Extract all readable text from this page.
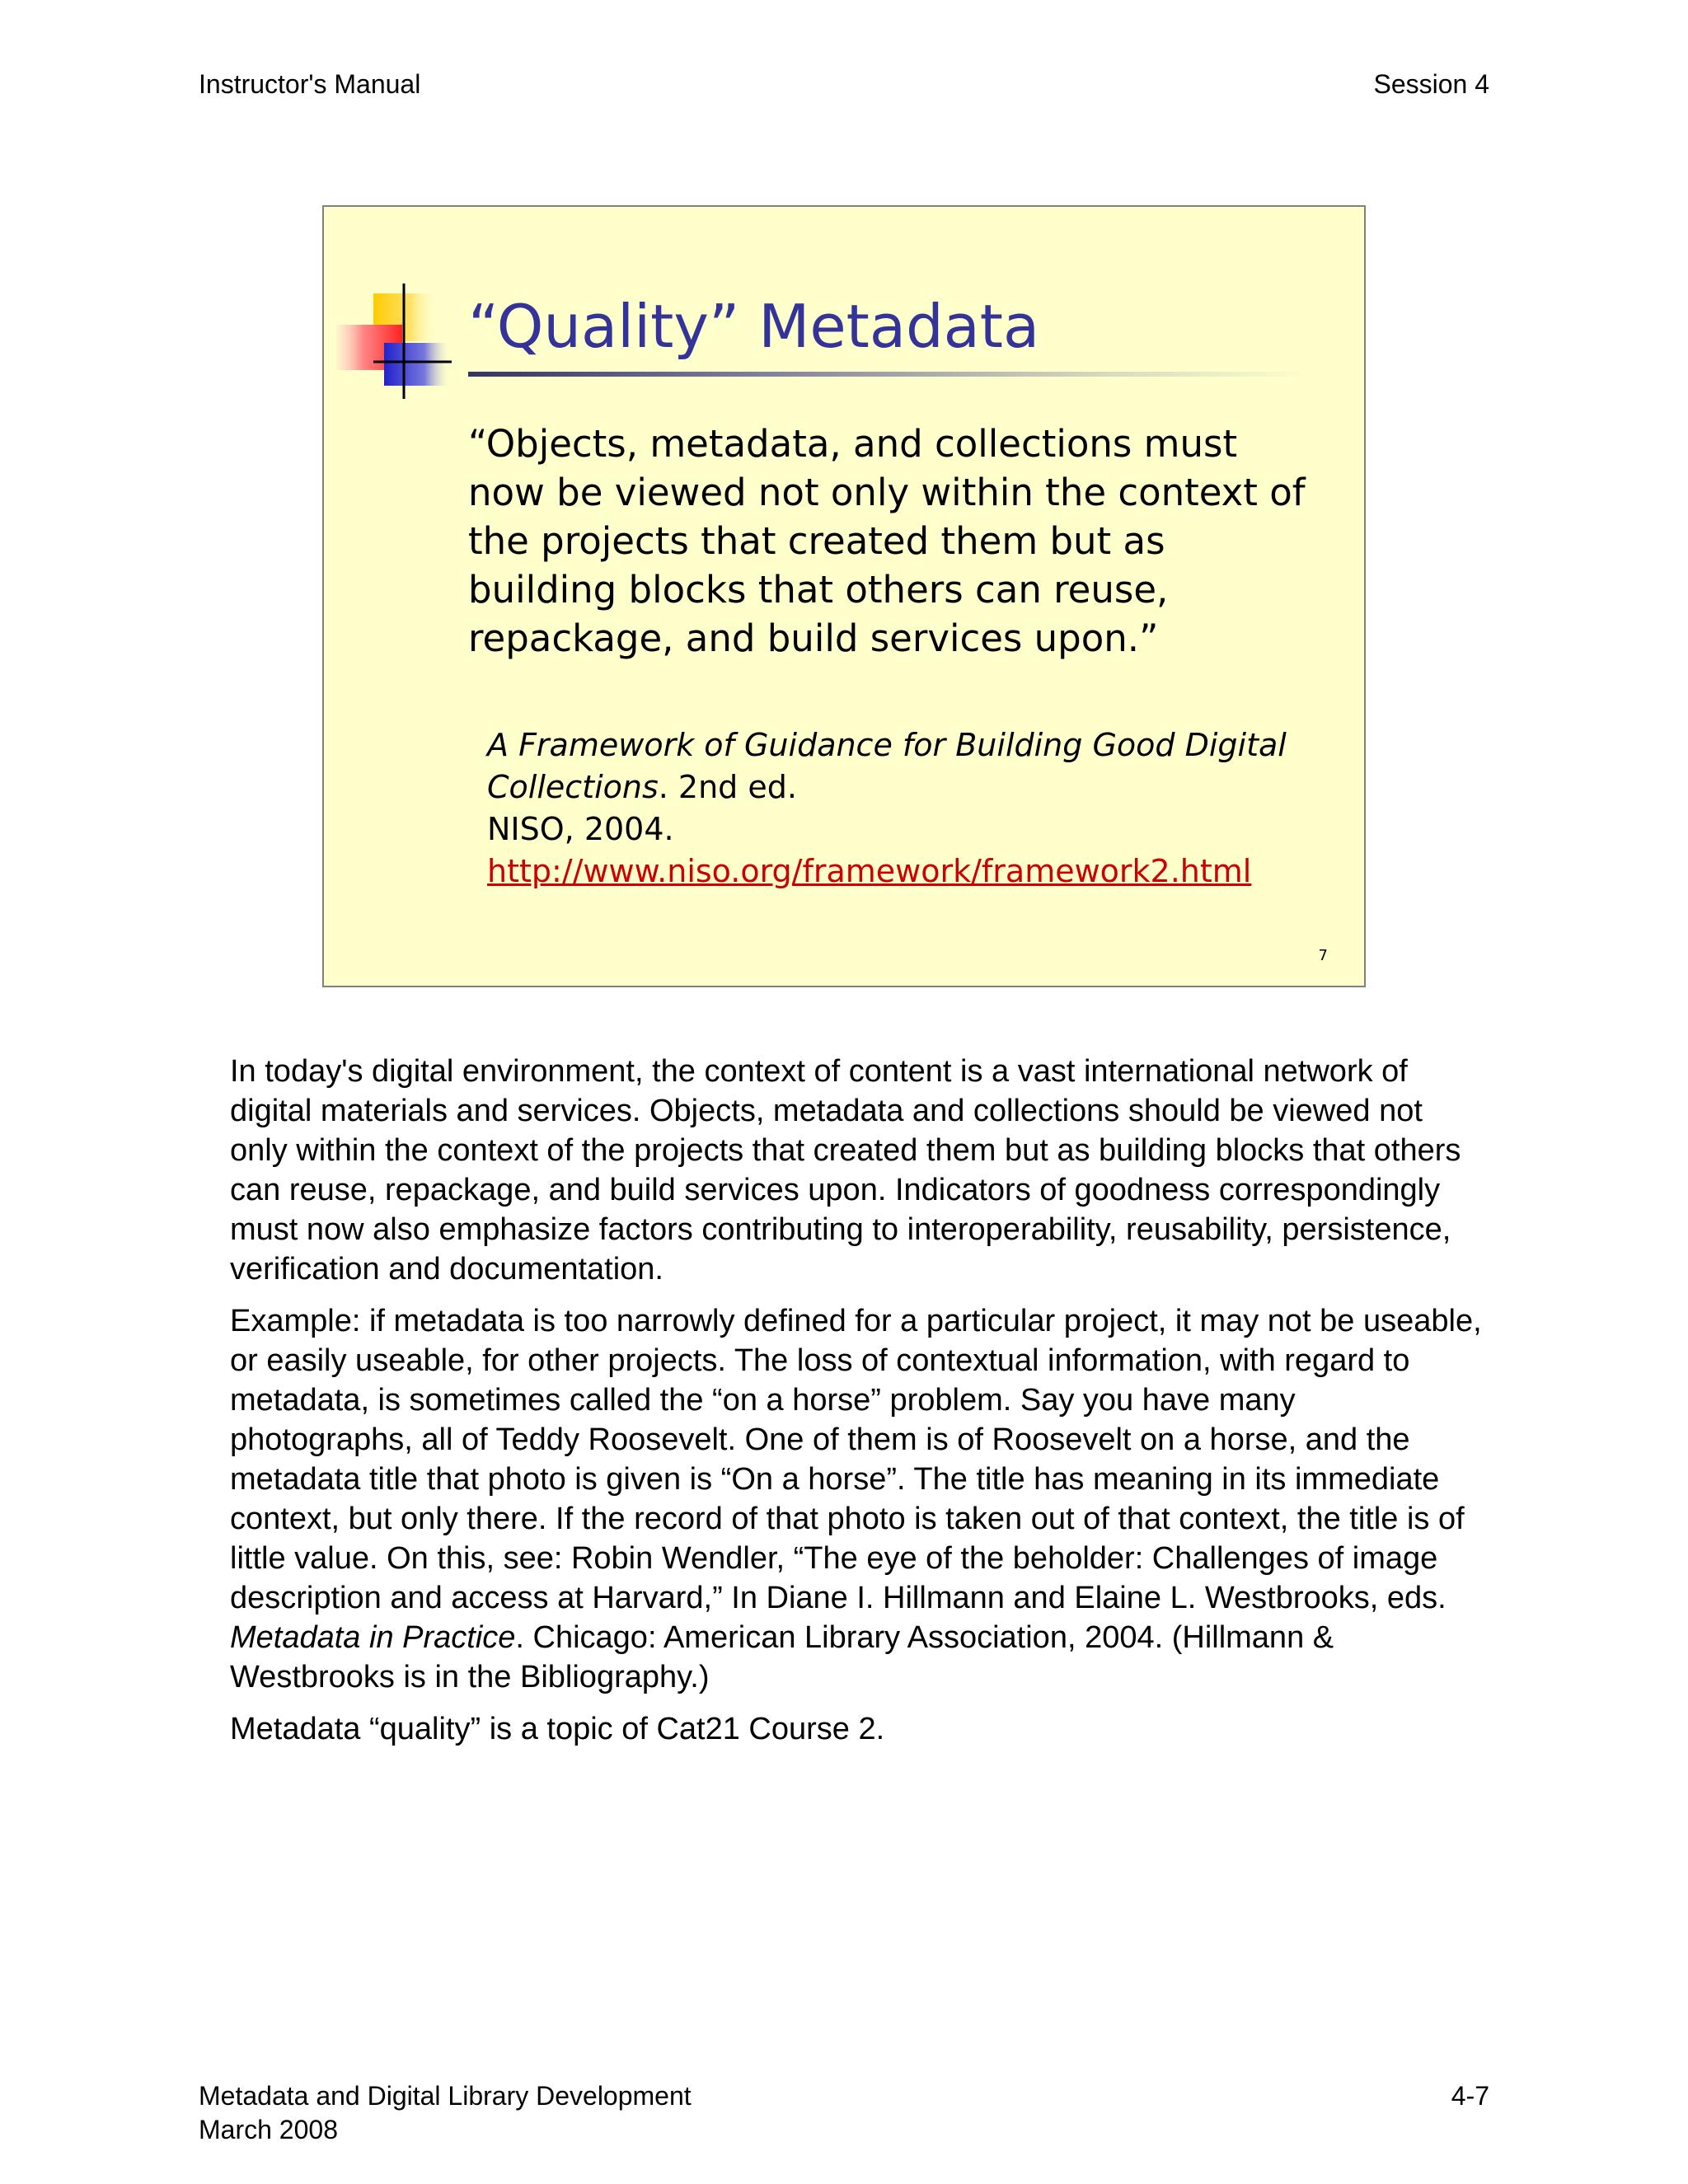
Instructor's Manual	Session 4
“Quality” Metadata
“Objects, metadata, and collections must now be viewed not only within the context of the projects that created them but as building blocks that others can reuse, repackage, and build services upon.”
A Framework of Guidance for Building Good Digital Collections. 2nd ed.
NISO, 2004.
http://www.niso.org/framework/framework2.html
7

In today's digital environment, the context of content is a vast international network of digital materials and services. Objects, metadata and collections should be viewed not only within the context of the projects that created them but as building blocks that others can reuse, repackage, and build services upon. Indicators of goodness correspondingly must now also emphasize factors contributing to interoperability, reusability, persistence, verification and documentation.

Example: if metadata is too narrowly defined for a particular project, it may not be useable, or easily useable, for other projects. The loss of contextual information, with regard to metadata, is sometimes called the “on a horse” problem. Say you have many photographs, all of Teddy Roosevelt. One of them is of Roosevelt on a horse, and the metadata title that photo is given is “On a horse”. The title has meaning in its immediate context, but only there. If the record of that photo is taken out of that context, the title is of little value. On this, see: Robin Wendler, “The eye of the beholder: Challenges of image description and access at Harvard,” In Diane I. Hillmann and Elaine L. Westbrooks, eds. Metadata in Practice. Chicago: American Library Association, 2004. (Hillmann & Westbrooks is in the Bibliography.)

Metadata “quality” is a topic of Cat21 Course 2.

Metadata and Digital Library Development
March 2008
4-7
